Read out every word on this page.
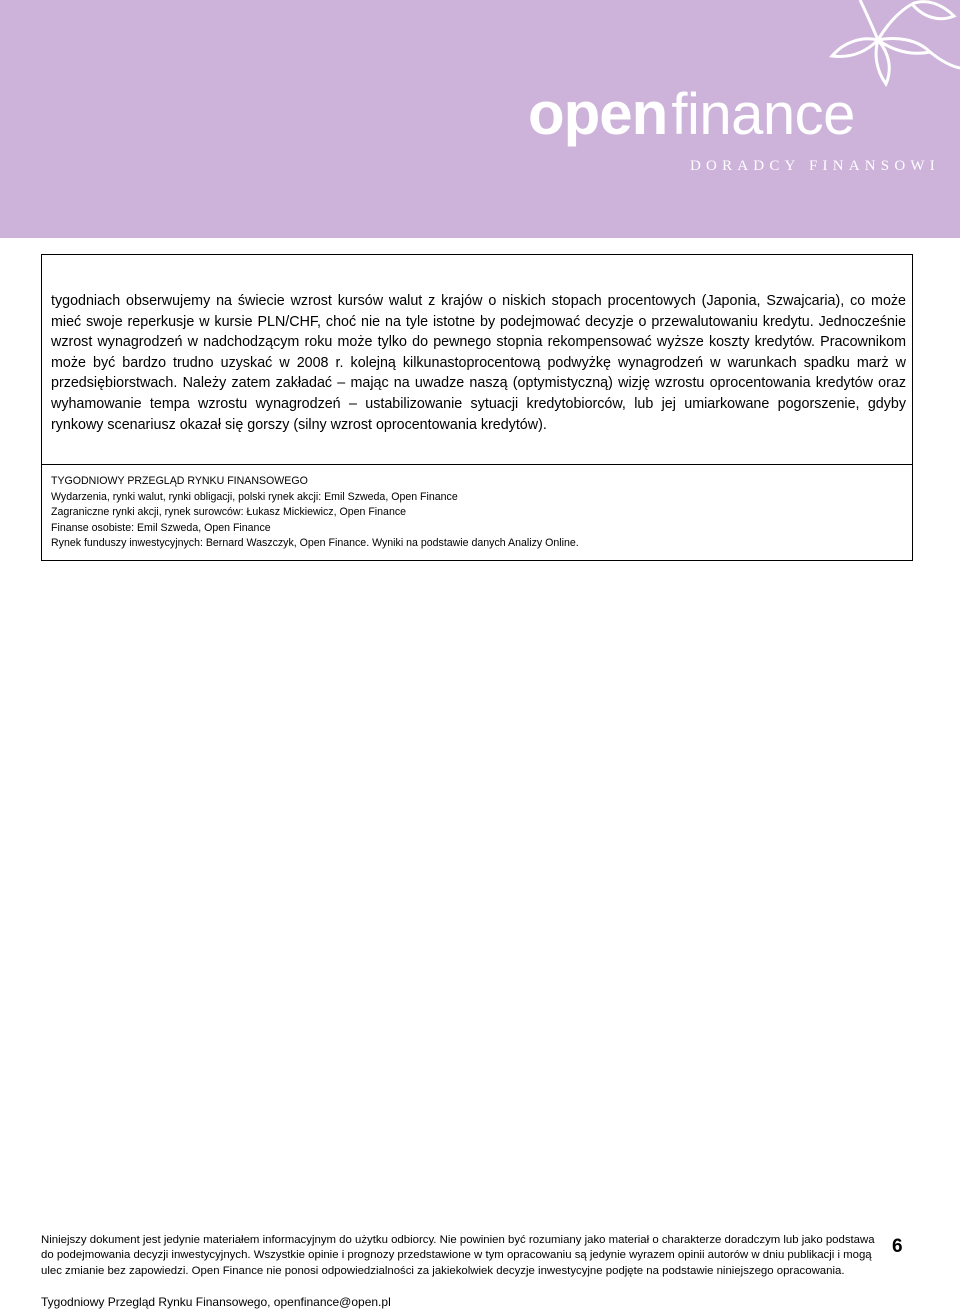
openfinance
DORADCY FINANSOWI

tygodniach obserwujemy na świecie wzrost kursów walut z krajów o niskich stopach procentowych (Japonia, Szwajcaria), co może mieć swoje reperkusje w kursie PLN/CHF, choć nie na tyle istotne by podejmować decyzje o przewalutowaniu kredytu. Jednocześnie wzrost wynagrodzeń w nadchodzącym roku może tylko do pewnego stopnia rekompensować wyższe koszty kredytów. Pracownikom może być bardzo trudno uzyskać w 2008 r. kolejną kilkunastoprocentową podwyżkę wynagrodzeń w warunkach spadku marż w przedsiębiorstwach. Należy zatem zakładać – mając na uwadze naszą (optymistyczną) wizję wzrostu oprocentowania kredytów oraz wyhamowanie tempa wzrostu wynagrodzeń – ustabilizowanie sytuacji kredytobiorców, lub jej umiarkowane pogorszenie, gdyby rynkowy scenariusz okazał się gorszy (silny wzrost oprocentowania kredytów).

TYGODNIOWY PRZEGLĄD RYNKU FINANSOWEGO
Wydarzenia, rynki walut, rynki obligacji, polski rynek akcji: Emil Szweda, Open Finance
Zagraniczne rynki akcji, rynek surowców: Łukasz Mickiewicz, Open Finance
Finanse osobiste: Emil Szweda, Open Finance
Rynek funduszy inwestycyjnych: Bernard Waszczyk, Open Finance. Wyniki na podstawie danych Analizy Online.

Niniejszy dokument jest jedynie materiałem informacyjnym do użytku odbiorcy. Nie powinien być rozumiany jako materiał o charakterze doradczym lub jako podstawa do podejmowania decyzji inwestycyjnych. Wszystkie opinie i prognozy przedstawione w tym opracowaniu są jedynie wyrazem opinii autorów w dniu publikacji i mogą ulec zmianie bez zapowiedzi. Open Finance nie ponosi odpowiedzialności za jakiekolwiek decyzje inwestycyjne podjęte na podstawie niniejszego opracowania.

6
Tygodniowy Przegląd Rynku Finansowego, openfinance@open.pl
